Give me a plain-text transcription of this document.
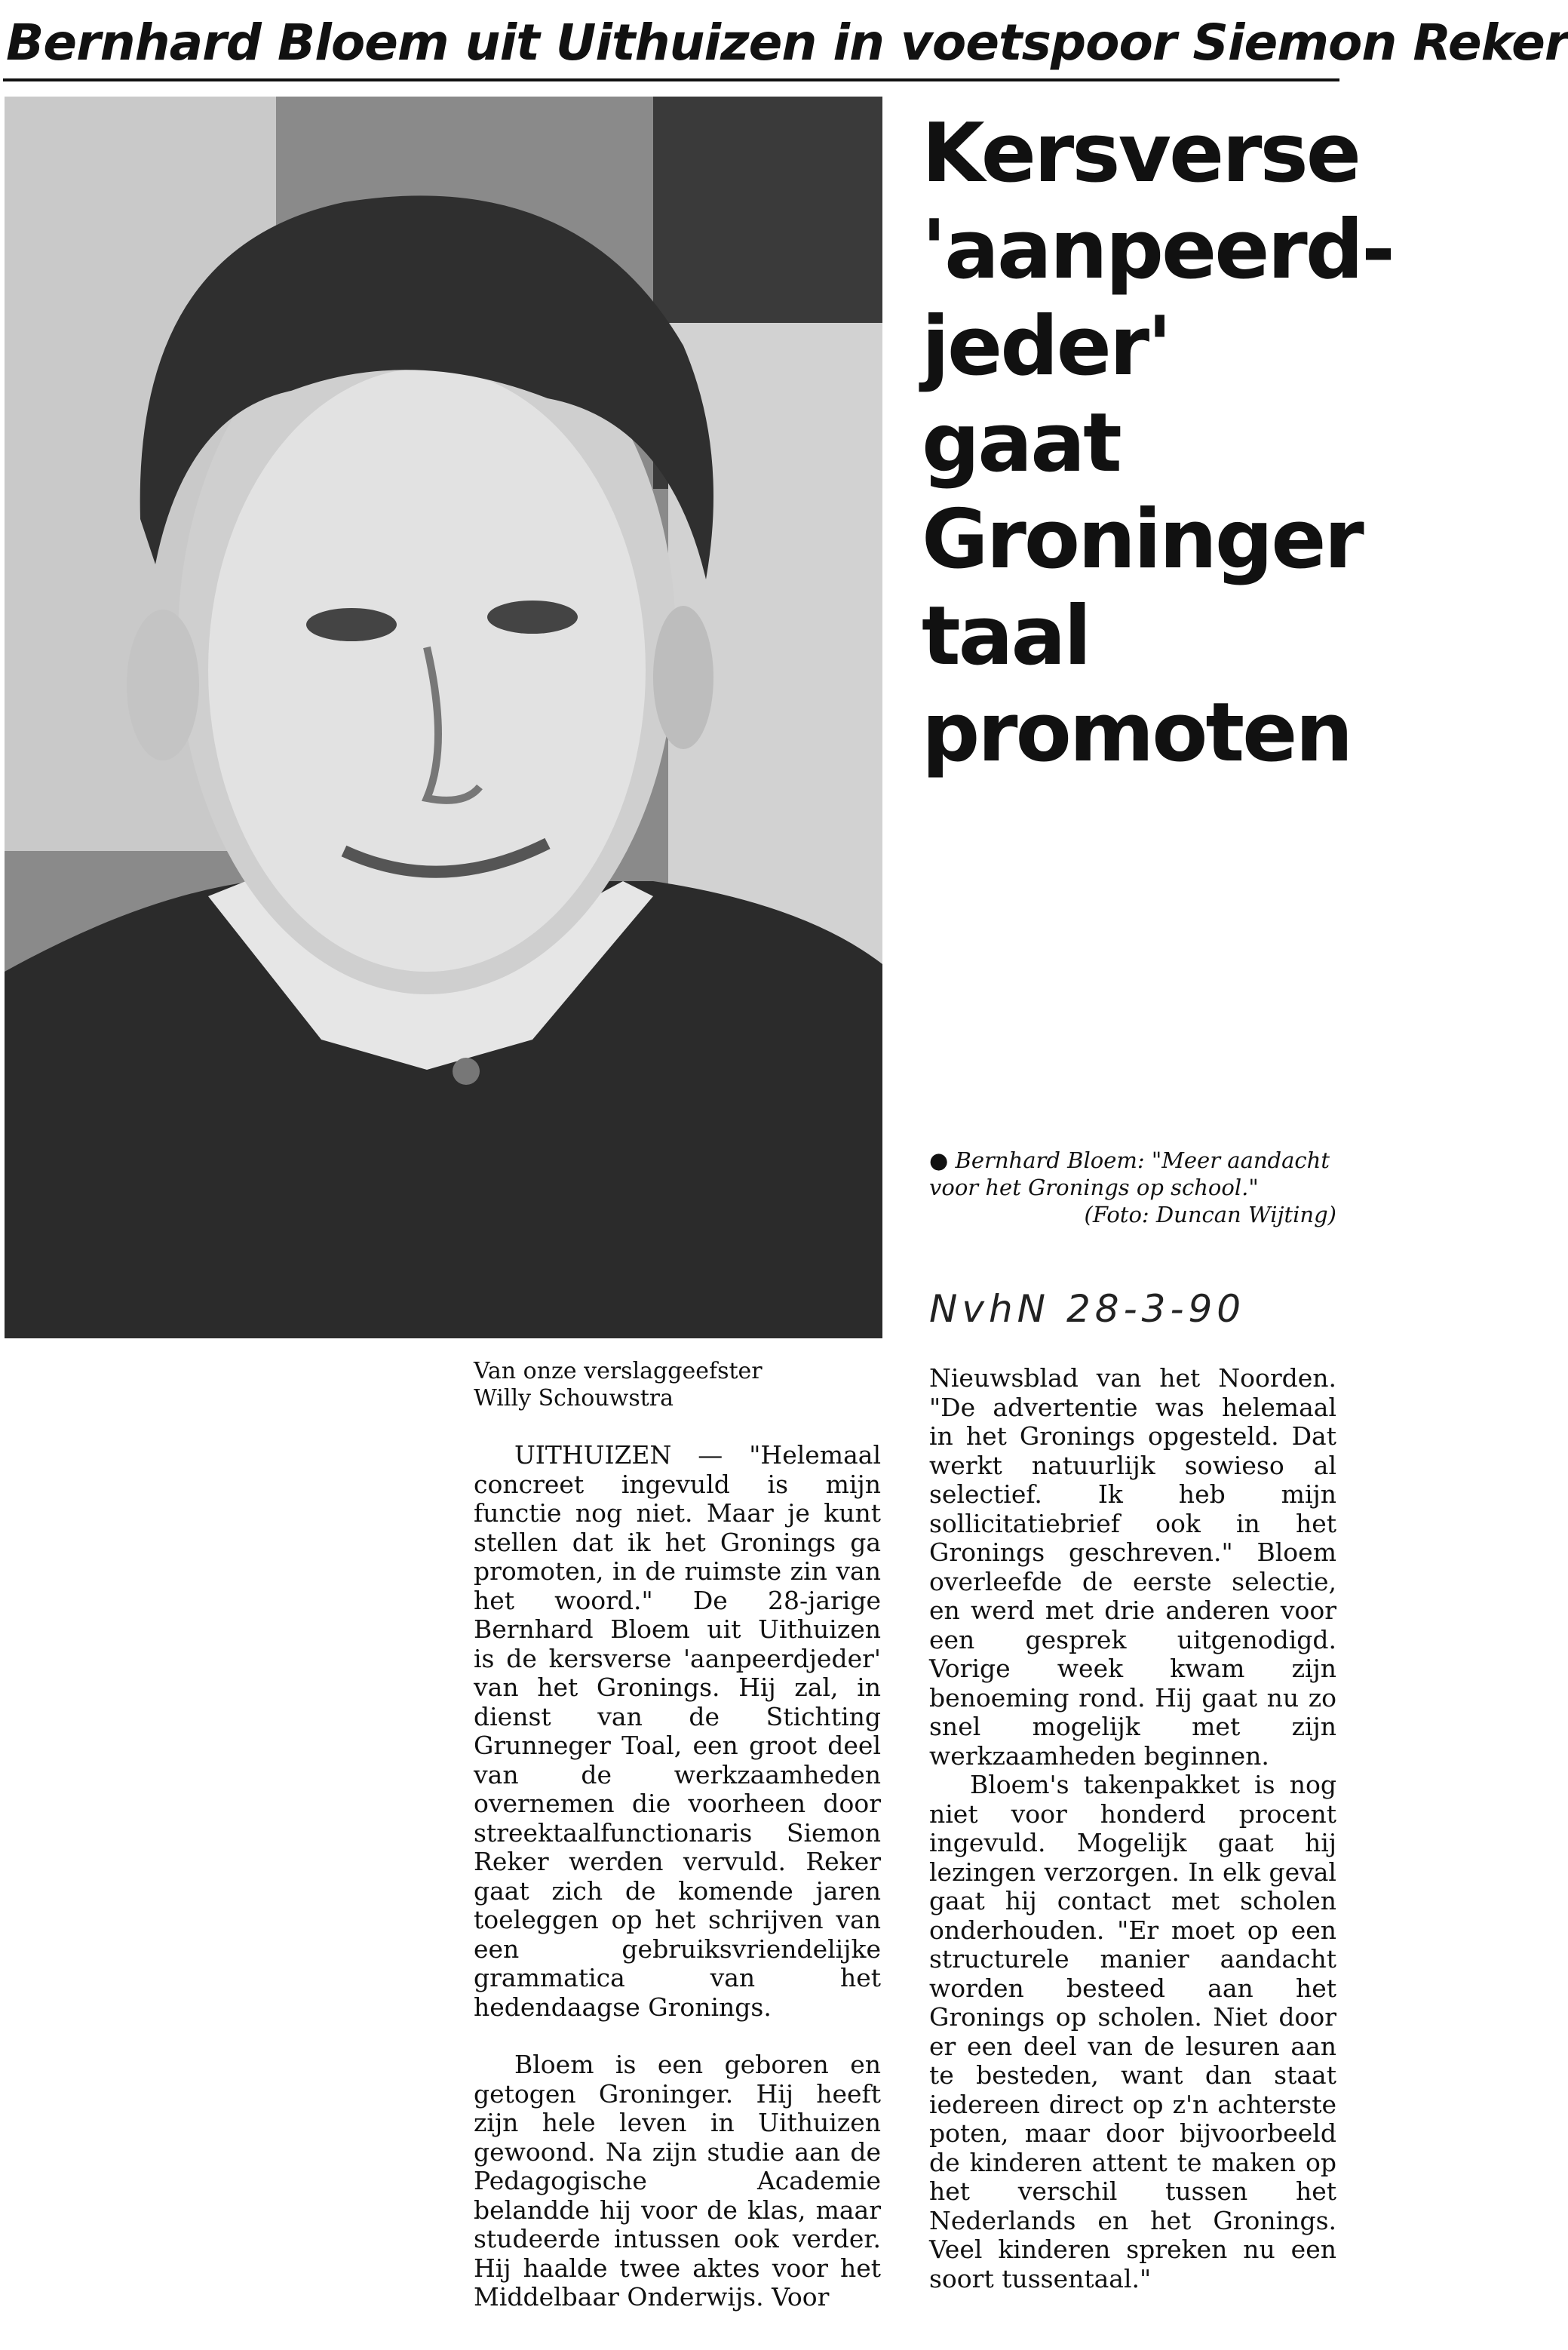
Bernhard Bloem uit Uithuizen in voetspoor Siemon Reker
Kersverse
'aanpeerd-
jeder'
gaat
Groninger
taal
promoten
● Bernhard Bloem: "Meer aandacht voor het Gronings op school."
(Foto: Duncan Wijting)
NvhN 28-3-90
Van onze verslaggeefster
Willy Schouwstra

UITHUIZEN — "Helemaal concreet ingevuld is mijn functie nog niet. Maar je kunt stellen dat ik het Gronings ga promoten, in de ruimste zin van het woord." De 28-jarige Bernhard Bloem uit Uithuizen is de kersverse 'aanpeerdjeder' van het Gronings. Hij zal, in dienst van de Stichting Grunneger Toal, een groot deel van de werkzaamheden overnemen die voorheen door streektaalfunctionaris Siemon Reker werden vervuld. Reker gaat zich de komende jaren toeleggen op het schrijven van een gebruiksvriendelijke grammatica van het hedendaagse Gronings.

Bloem is een geboren en getogen Groninger. Hij heeft zijn hele leven in Uithuizen gewoond. Na zijn studie aan de Pedagogische Academie belandde hij voor de klas, maar studeerde intussen ook verder. Hij haalde twee aktes voor het Middelbaar Onderwijs. Voor

Nieuwsblad van het Noorden. "De advertentie was helemaal in het Gronings opgesteld. Dat werkt natuurlijk sowieso al selectief. Ik heb mijn sollicitatiebrief ook in het Gronings geschreven." Bloem overleefde de eerste selectie, en werd met drie anderen voor een gesprek uitgenodigd. Vorige week kwam zijn benoeming rond. Hij gaat nu zo snel mogelijk met zijn werkzaamheden beginnen.

Bloem's takenpakket is nog niet voor honderd procent ingevuld. Mogelijk gaat hij lezingen verzorgen. In elk geval gaat hij contact met scholen onderhouden. "Er moet op een structurele manier aandacht worden besteed aan het Gronings op scholen. Niet door er een deel van de lesuren aan te besteden, want dan staat iedereen direct op z'n achterste poten, maar door bijvoorbeeld de kinderen attent te maken op het verschil tussen het Nederlands en het Gronings. Veel kinderen spreken nu een soort tussentaal."
